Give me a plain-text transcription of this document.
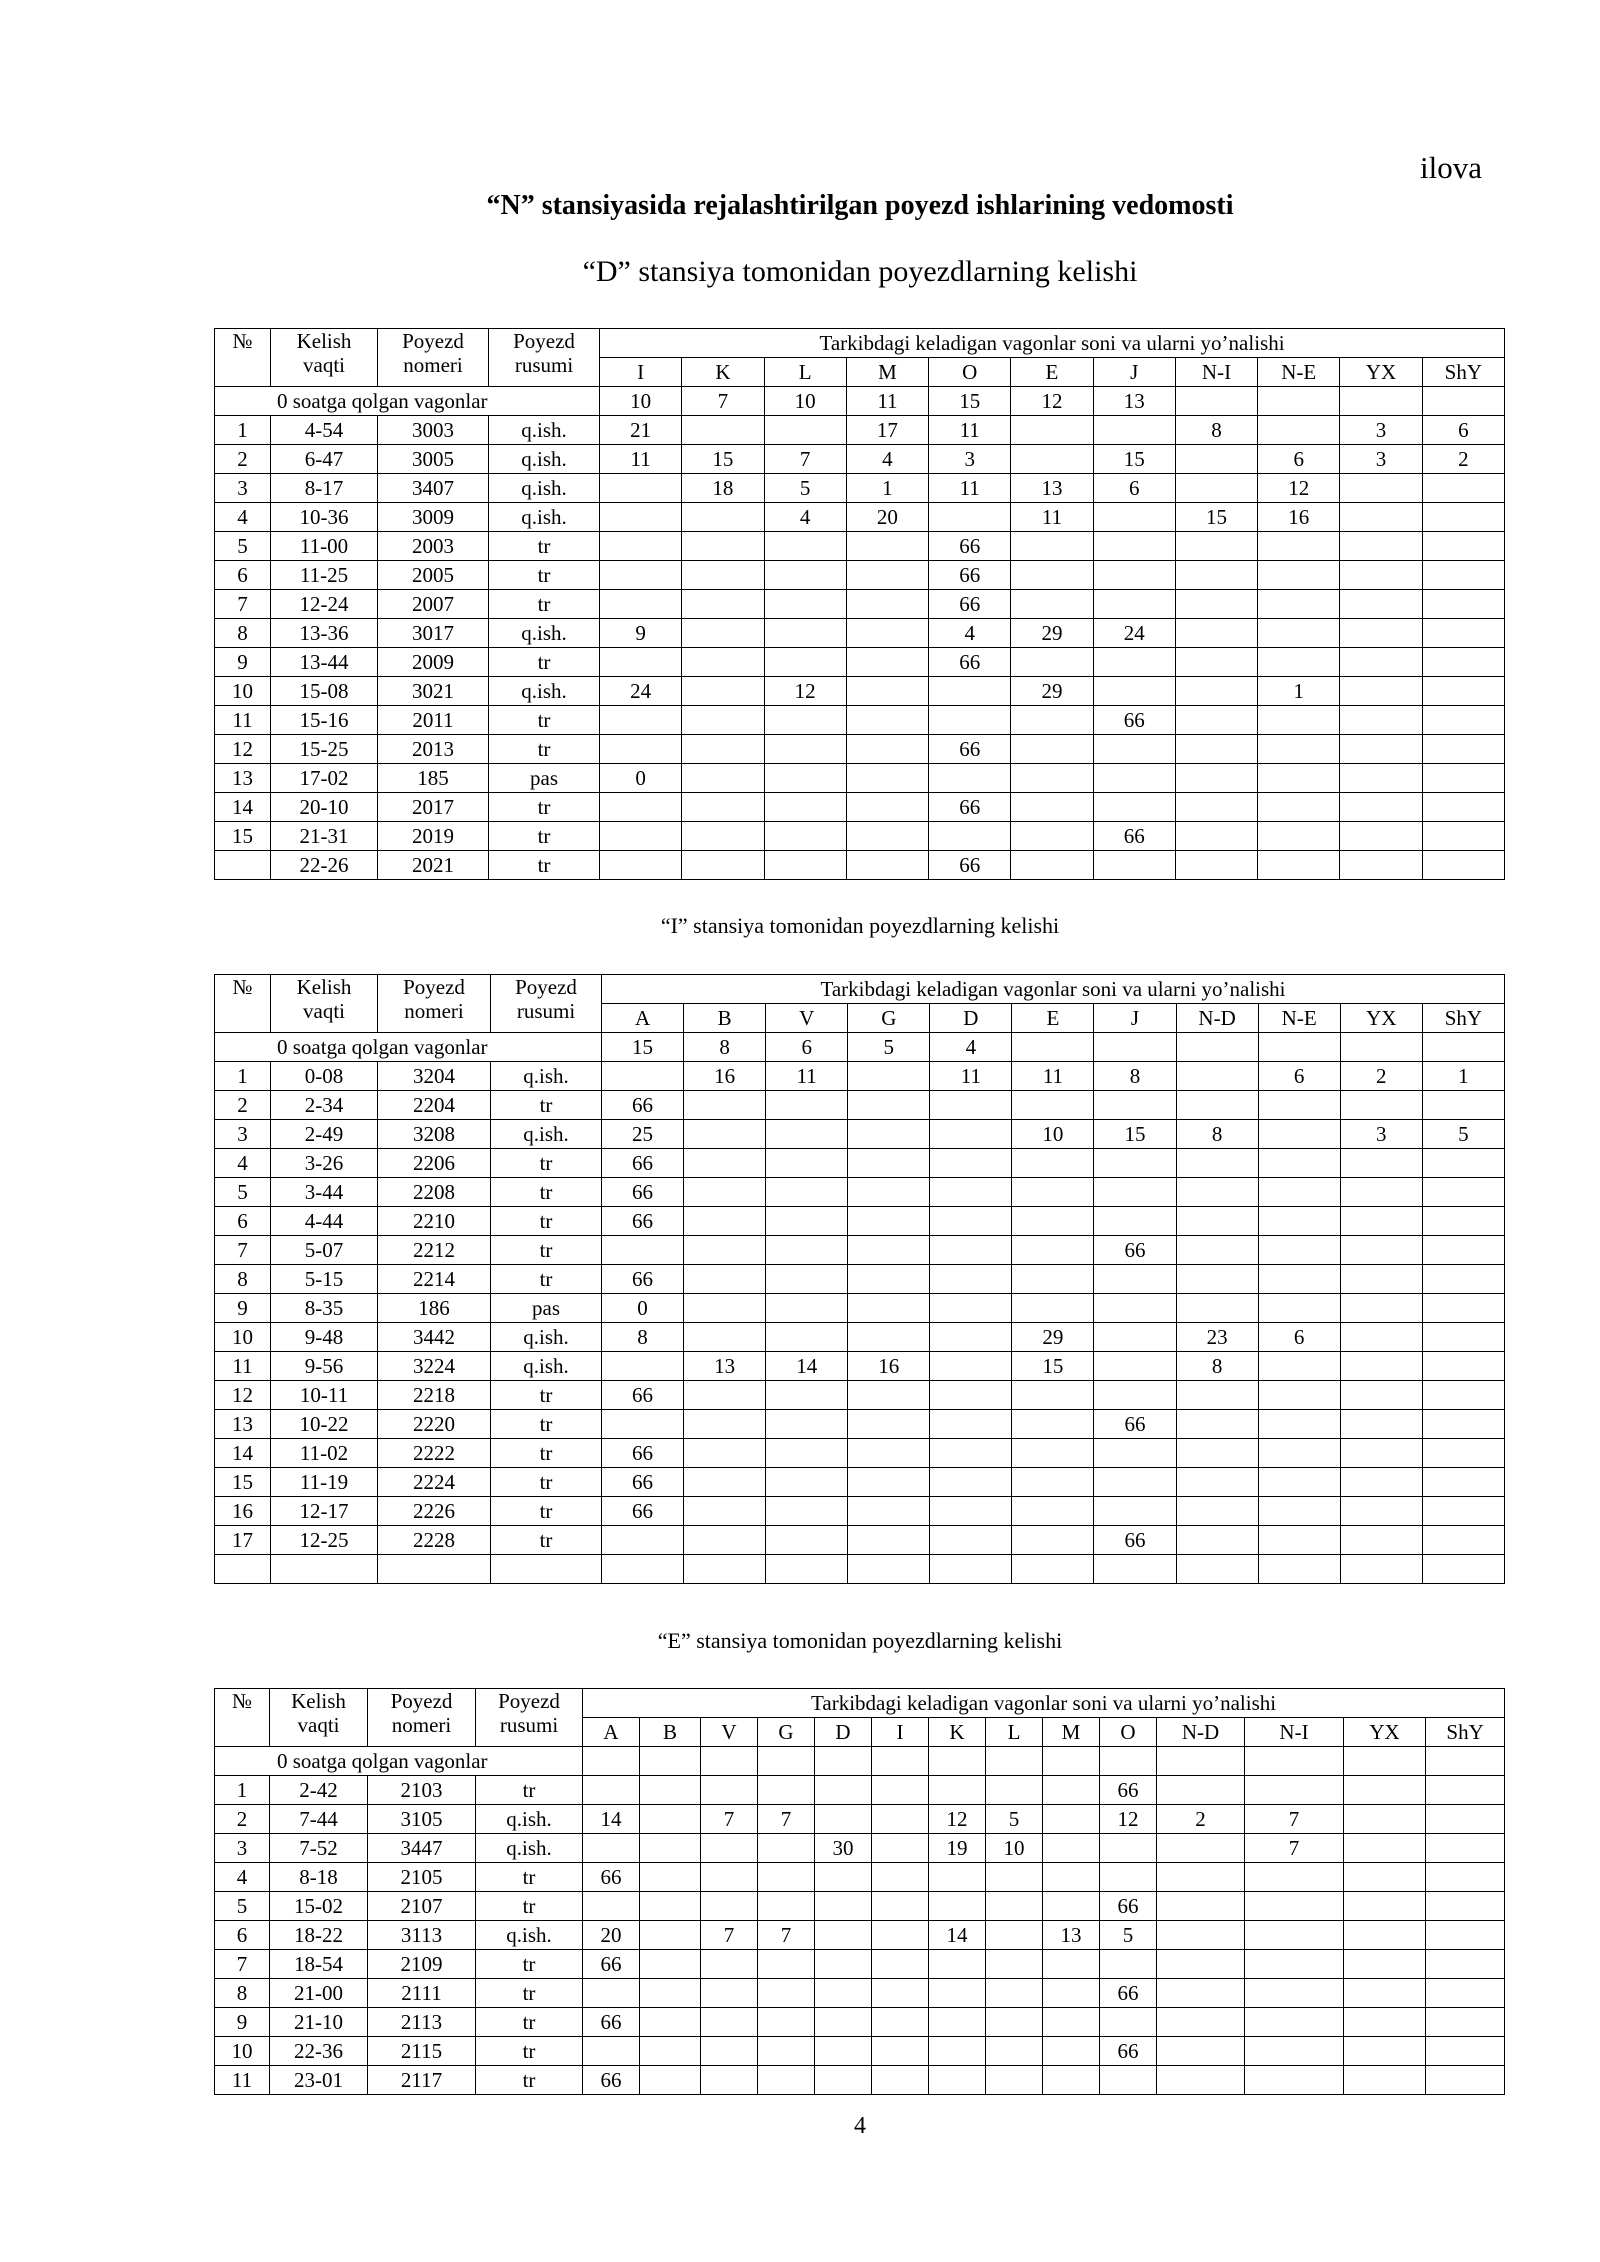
ilova
“N” stansiyasida rejalashtirilgan poyezd ishlarining vedomosti
“D” stansiya tomonidan poyezdlarning kelishi
№	Kelish vaqti	Poyezd nomeri	Poyezd rusumi	Tarkibdagi keladigan vagonlar soni va ularni yo’nalishi										
				I	K	L	M	O	E	J	N-I	N-E	YX	ShY
0 soatga qolgan vagonlar				10	7	10	11	15	12	13				
1	4-54	3003	q.ish.	21			17	11			8		3	6
2	6-47	3005	q.ish.	11	15	7	4	3		15		6	3	2
3	8-17	3407	q.ish.		18	5	1	11	13	6		12		
4	10-36	3009	q.ish.			4	20		11		15	16		
5	11-00	2003	tr					66						
6	11-25	2005	tr					66						
7	12-24	2007	tr					66						
8	13-36	3017	q.ish.	9				4	29	24				
9	13-44	2009	tr					66						
10	15-08	3021	q.ish.	24		12			29			1		
11	15-16	2011	tr							66				
12	15-25	2013	tr					66						
13	17-02	185	pas	0										
14	20-10	2017	tr					66						
15	21-31	2019	tr							66				
	22-26	2021	tr					66						
“I” stansiya tomonidan poyezdlarning kelishi
№	Kelish vaqti	Poyezd nomeri	Poyezd rusumi	Tarkibdagi keladigan vagonlar soni va ularni yo’nalishi										
				A	B	V	G	D	E	J	N-D	N-E	YX	ShY
0 soatga qolgan vagonlar				15	8	6	5	4						
1	0-08	3204	q.ish.		16	11		11	11	8		6	2	1
2	2-34	2204	tr	66										
3	2-49	3208	q.ish.	25					10	15	8		3	5
4	3-26	2206	tr	66										
5	3-44	2208	tr	66										
6	4-44	2210	tr	66										
7	5-07	2212	tr							66				
8	5-15	2214	tr	66										
9	8-35	186	pas	0										
10	9-48	3442	q.ish.	8					29		23	6		
11	9-56	3224	q.ish.		13	14	16		15		8			
12	10-11	2218	tr	66										
13	10-22	2220	tr							66				
14	11-02	2222	tr	66										
15	11-19	2224	tr	66										
16	12-17	2226	tr	66										
17	12-25	2228	tr							66				

“E” stansiya tomonidan poyezdlarning kelishi
№	Kelish vaqti	Poyezd nomeri	Poyezd rusumi	Tarkibdagi keladigan vagonlar soni va ularni yo’nalishi													
				A	B	V	G	D	I	K	L	M	O	N-D	N-I	YX	ShY
0 soatga qolgan vagonlar																	
1	2-42	2103	tr										66				
2	7-44	3105	q.ish.	14		7	7			12	5		12	2	7		
3	7-52	3447	q.ish.					30		19	10				7		
4	8-18	2105	tr	66													
5	15-02	2107	tr										66				
6	18-22	3113	q.ish.	20		7	7			14		13	5				
7	18-54	2109	tr	66													
8	21-00	2111	tr										66				
9	21-10	2113	tr	66													
10	22-36	2115	tr										66				
11	23-01	2117	tr	66													
4
